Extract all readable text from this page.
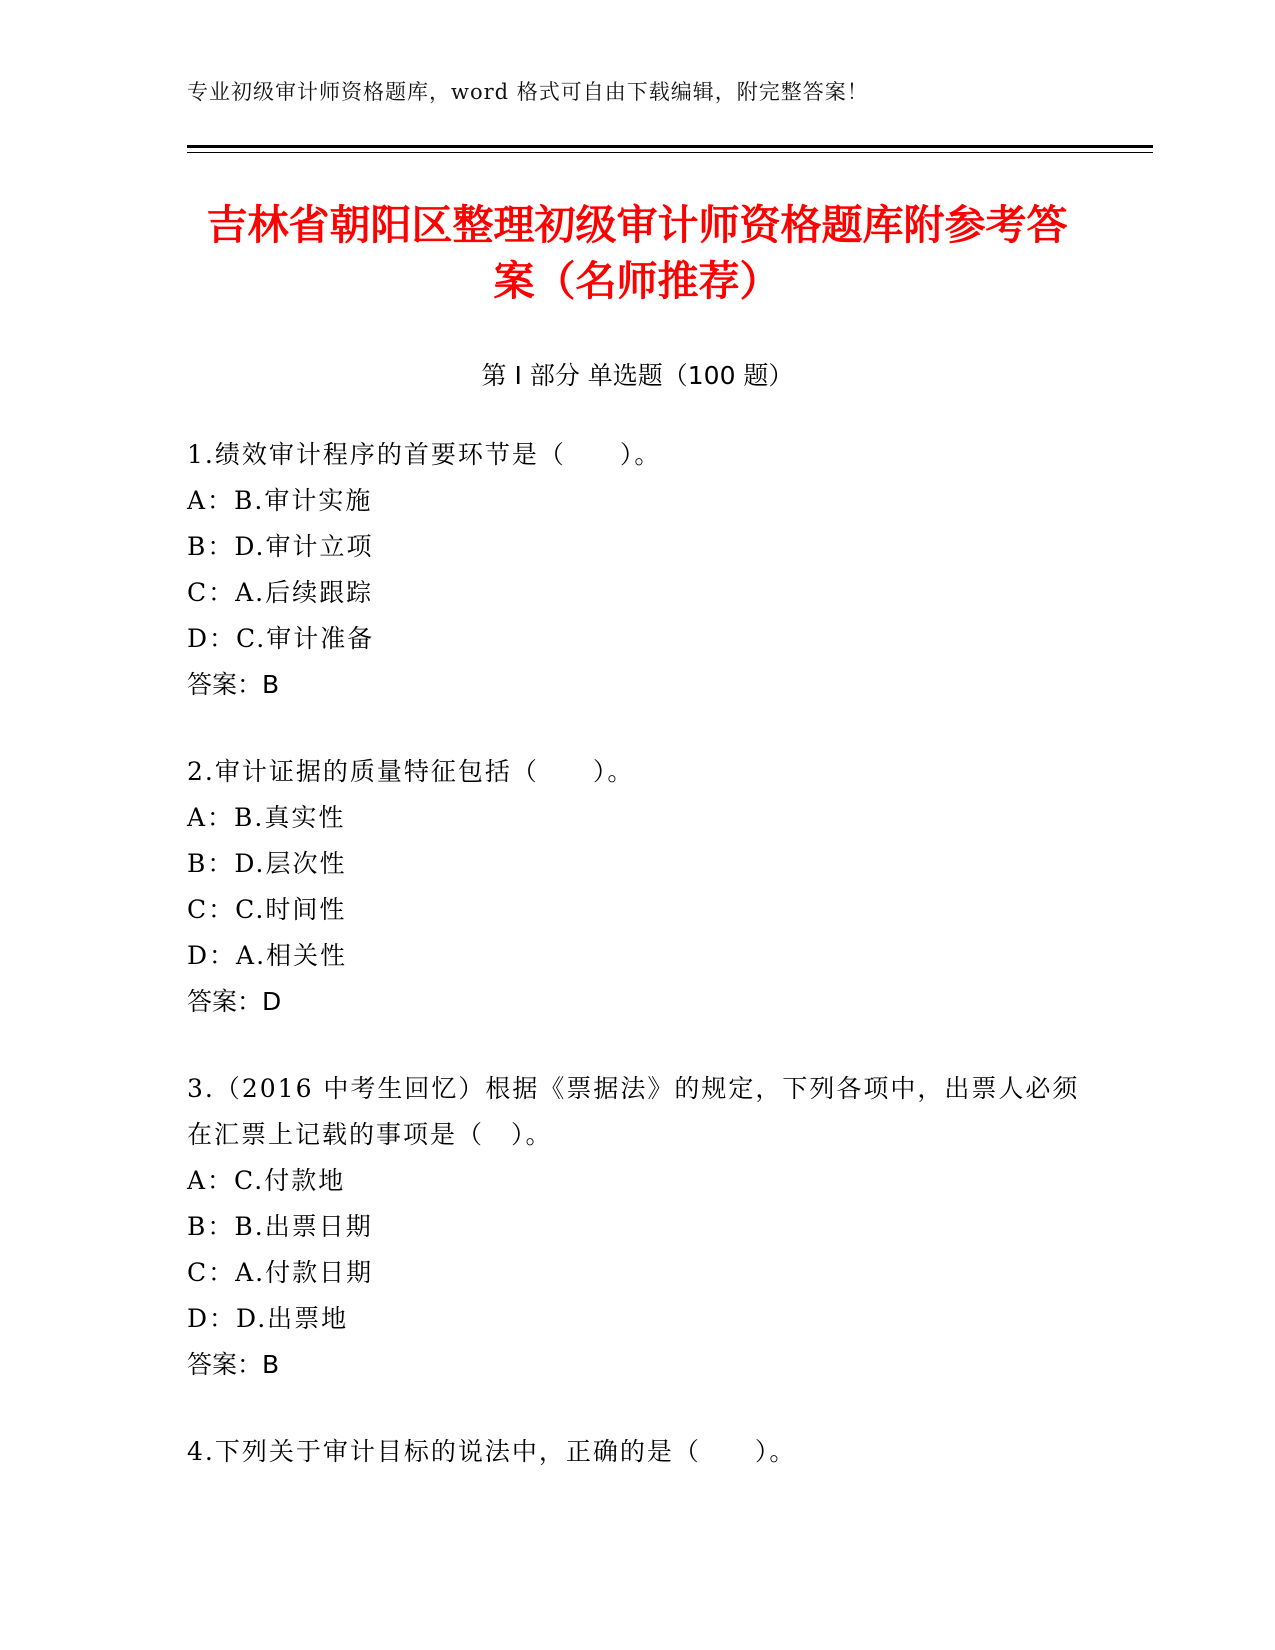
专业初级审计师资格题库，word 格式可自由下载编辑，附完整答案！
吉林省朝阳区整理初级审计师资格题库附参考答案（名师推荐）
第 I 部分 单选题（100 题）
1.绩效审计程序的首要环节是（　　）。
A：B.审计实施
B：D.审计立项
C：A.后续跟踪
D：C.审计准备
答案：B
2.审计证据的质量特征包括（　　）。
A：B.真实性
B：D.层次性
C：C.时间性
D：A.相关性
答案：D
3.（2016 中考生回忆）根据《票据法》的规定，下列各项中，出票人必须在汇票上记载的事项是（　）。
A：C.付款地
B：B.出票日期
C：A.付款日期
D：D.出票地
答案：B
4.下列关于审计目标的说法中，正确的是（　　）。
